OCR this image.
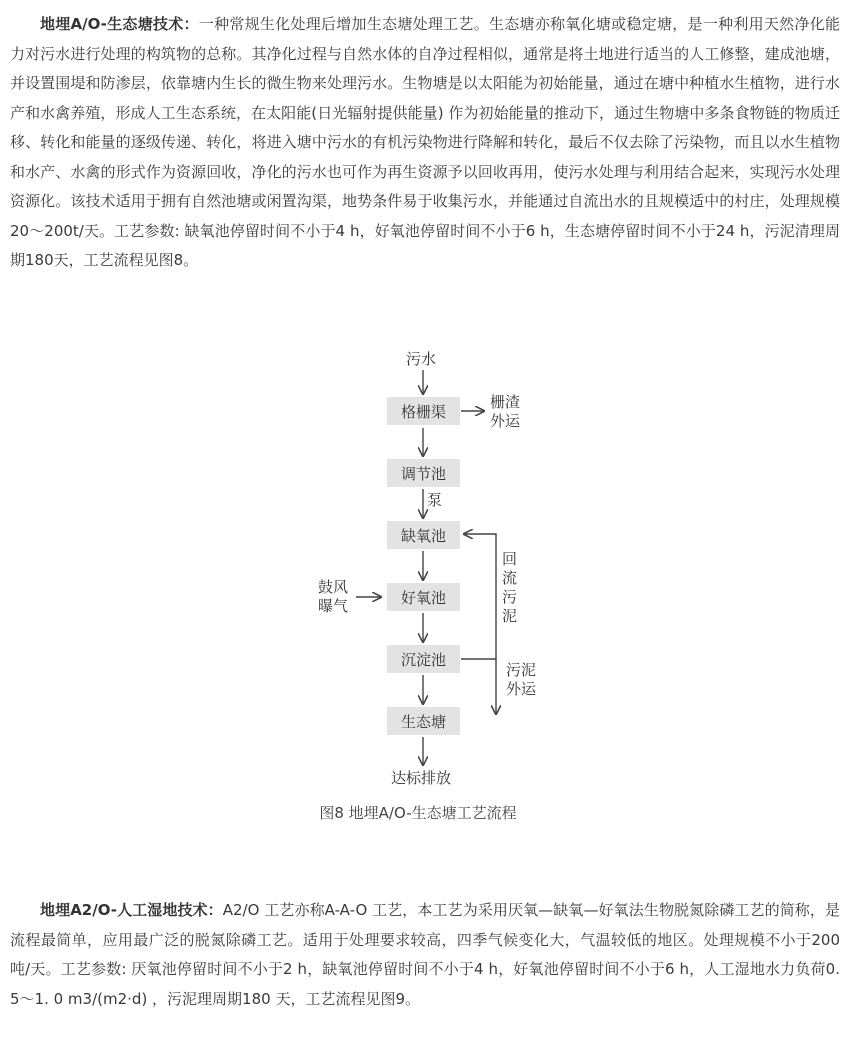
地埋A/O-生态塘技术：一种常规生化处理后增加生态塘处理工艺。生态塘亦称氧化塘或稳定塘，是一种利用天然净化能力对污水进行处理的构筑物的总称。其净化过程与自然水体的自净过程相似，通常是将土地进行适当的人工修整，建成池塘，并设置围堤和防渗层，依靠塘内生长的微生物来处理污水。生物塘是以太阳能为初始能量，通过在塘中种植水生植物，进行水产和水禽养殖，形成人工生态系统，在太阳能(日光辐射提供能量) 作为初始能量的推动下，通过生物塘中多条食物链的物质迁移、转化和能量的逐级传递、转化，将进入塘中污水的有机污染物进行降解和转化，最后不仅去除了污染物，而且以水生植物和水产、水禽的形式作为资源回收，净化的污水也可作为再生资源予以回收再用，使污水处理与利用结合起来，实现污水处理资源化。该技术适用于拥有自然池塘或闲置沟渠，地势条件易于收集污水，并能通过自流出水的且规模适中的村庄，处理规模20～200t/天。工艺参数: 缺氧池停留时间不小于4 h，好氧池停留时间不小于6 h，生态塘停留时间不小于24 h，污泥清理周期180天，工艺流程见图8。

污水
格栅渠
调节池
缺氧池
好氧池
沉淀池
生态塘
栅渣
外运
泵
鼓风
曝气
回
流
污
泥
污泥
外运
达标排放
图8 地埋A/O-生态塘工艺流程

地埋A2/O-人工湿地技术：A2/O 工艺亦称A-A-O 工艺，本工艺为采用厌氧—缺氧—好氧法生物脱氮除磷工艺的简称，是流程最简单，应用最广泛的脱氮除磷工艺。适用于处理要求较高，四季气候变化大，气温较低的地区。处理规模不小于200 吨/天。工艺参数: 厌氧池停留时间不小于2 h，缺氧池停留时间不小于4 h，好氧池停留时间不小于6 h，人工湿地水力负荷0. 5～1. 0 m3/(m2·d) ，污泥理周期180 天，工艺流程见图9。
